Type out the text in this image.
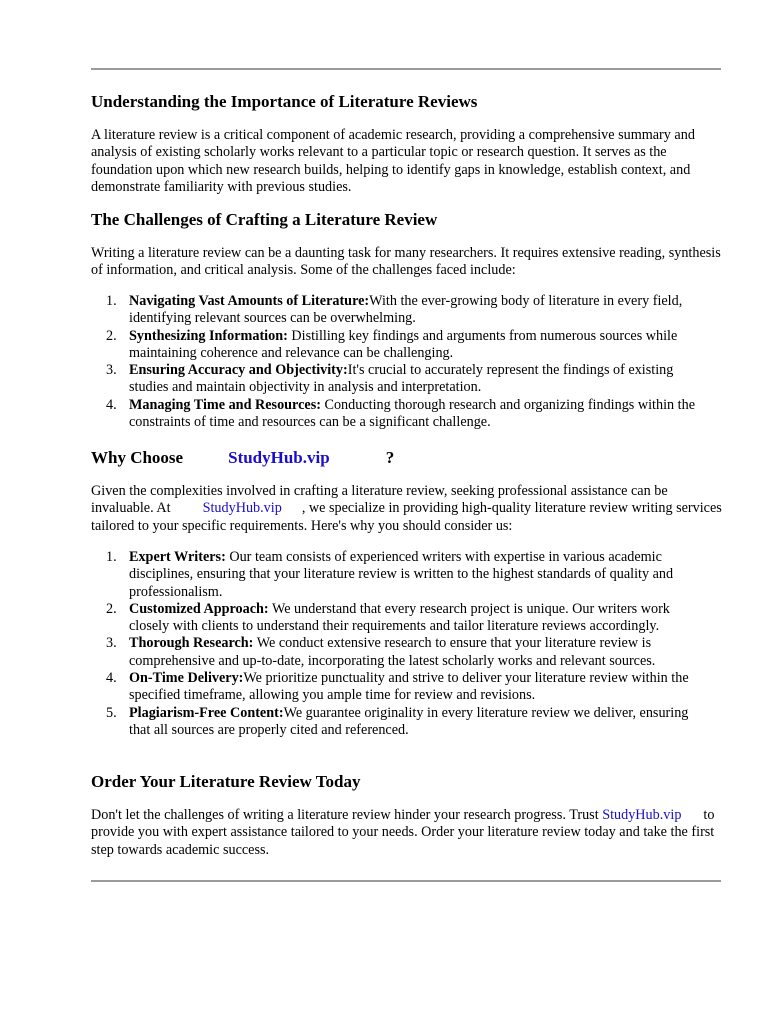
Understanding the Importance of Literature Reviews

A literature review is a critical component of academic research, providing a comprehensive summary and analysis of existing scholarly works relevant to a particular topic or research question. It serves as the foundation upon which new research builds, helping to identify gaps in knowledge, establish context, and demonstrate familiarity with previous studies.

The Challenges of Crafting a Literature Review

Writing a literature review can be a daunting task for many researchers. It requires extensive reading, synthesis of information, and critical analysis. Some of the challenges faced include:

1. Navigating Vast Amounts of Literature:With the ever-growing body of literature in every field, identifying relevant sources can be overwhelming.
2. Synthesizing Information: Distilling key findings and arguments from numerous sources while maintaining coherence and relevance can be challenging.
3. Ensuring Accuracy and Objectivity:It's crucial to accurately represent the findings of existing studies and maintain objectivity in analysis and interpretation.
4. Managing Time and Resources: Conducting thorough research and organizing findings within the constraints of time and resources can be a significant challenge.
Why Choose	StudyHub.vip	?

Given the complexities involved in crafting a literature review, seeking professional assistance can be invaluable. At StudyHub.vip , we specialize in providing high-quality literature review writing services tailored to your specific requirements. Here's why you should consider us:

1. Expert Writers: Our team consists of experienced writers with expertise in various academic disciplines, ensuring that your literature review is written to the highest standards of quality and professionalism.
2. Customized Approach: We understand that every research project is unique. Our writers work closely with clients to understand their requirements and tailor literature reviews accordingly.
3. Thorough Research: We conduct extensive research to ensure that your literature review is comprehensive and up-to-date, incorporating the latest scholarly works and relevant sources.
4. On-Time Delivery:We prioritize punctuality and strive to deliver your literature review within the specified timeframe, allowing you ample time for review and revisions.
5. Plagiarism-Free Content:We guarantee originality in every literature review we deliver, ensuring that all sources are properly cited and referenced.
Order Your Literature Review Today

Don't let the challenges of writing a literature review hinder your research progress. Trust StudyHub.vip to provide you with expert assistance tailored to your needs. Order your literature review today and take the first step towards academic success.
